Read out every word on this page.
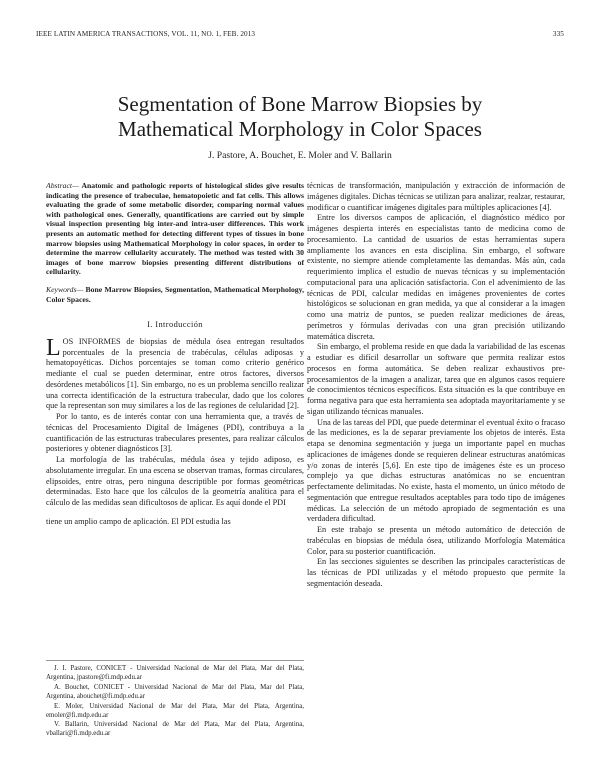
IEEE LATIN AMERICA TRANSACTIONS, VOL. 11, NO. 1, FEB. 2013	335
Segmentation of Bone Marrow Biopsies by Mathematical Morphology in Color Spaces
J. Pastore, A. Bouchet, E. Moler and V. Ballarin
Abstract— Anatomic and pathologic reports of histological slides give results indicating the presence of trabeculae, hematopoietic and fat cells. This allows evaluating the grade of some metabolic disorder, comparing normal values with pathological ones. Generally, quantifications are carried out by simple visual inspection presenting big inter-and intra-user differences. This work presents an automatic method for detecting different types of tissues in bone marrow biopsies using Mathematical Morphology in color spaces, in order to determine the marrow cellularity accurately. The method was tested with 30 images of bone marrow biopsies presenting different distributions of cellularity.
Keywords— Bone Marrow Biopsies, Segmentation, Mathematical Morphology, Color Spaces.
I. Introducción

LOS INFORMES de biopsias de médula ósea entregan resultados porcentuales de la presencia de trabéculas, células adiposas y hematopoyéticas. Dichos porcentajes se toman como criterio genérico mediante el cual se pueden determinar, entre otros factores, diversos desórdenes metabólicos [1]. Sin embargo, no es un problema sencillo realizar una correcta identificación de la estructura trabecular, dado que los colores que la representan son muy similares a los de las regiones de celularidad [2].

Por lo tanto, es de interés contar con una herramienta que, a través de técnicas del Procesamiento Digital de Imágenes (PDI), contribuya a la cuantificación de las estructuras trabeculares presentes, para realizar cálculos posteriores y obtener diagnósticos [3].

La morfología de las trabéculas, médula ósea y tejido adiposo, es absolutamente irregular. En una escena se observan tramas, formas circulares, elipsoides, entre otras, pero ninguna descriptible por formas geométricas determinadas. Esto hace que los cálculos de la geometría analítica para el cálculo de las medidas sean dificultosos de aplicar. Es aquí donde el PDI

tiene un amplio campo de aplicación. El PDI estudia las

técnicas de transformación, manipulación y extracción de información de imágenes digitales. Dichas técnicas se utilizan para analizar, realzar, restaurar, modificar o cuantificar imágenes digitales para múltiples aplicaciones [4].

Entre los diversos campos de aplicación, el diagnóstico médico por imágenes despierta interés en especialistas tanto de medicina como de procesamiento. La cantidad de usuarios de estas herramientas supera ampliamente los avances en esta disciplina. Sin embargo, el software existente, no siempre atiende completamente las demandas. Más aún, cada requerimiento implica el estudio de nuevas técnicas y su implementación computacional para una aplicación satisfactoria. Con el advenimiento de las técnicas de PDI, calcular medidas en imágenes provenientes de cortes histológicos se solucionan en gran medida, ya que al considerar a la imagen como una matriz de puntos, se pueden realizar mediciones de áreas, perímetros y fórmulas derivadas con una gran precisión utilizando matemática discreta.

Sin embargo, el problema reside en que dada la variabilidad de las escenas a estudiar es difícil desarrollar un software que permita realizar estos procesos en forma automática. Se deben realizar exhaustivos pre-procesamientos de la imagen a analizar, tarea que en algunos casos requiere de conocimientos técnicos específicos. Esta situación es la que contribuye en forma negativa para que esta herramienta sea adoptada mayoritariamente y se sigan utilizando técnicas manuales.

Una de las tareas del PDI, que puede determinar el eventual éxito o fracaso de las mediciones, es la de separar previamente los objetos de interés. Esta etapa se denomina segmentación y juega un importante papel en muchas aplicaciones de imágenes donde se requieren delinear estructuras anatómicas y/o zonas de interés [5,6]. En este tipo de imágenes éste es un proceso complejo ya que dichas estructuras anatómicas no se encuentran perfectamente delimitadas. No existe, hasta el momento, un único método de segmentación que entregue resultados aceptables para todo tipo de imágenes médicas. La selección de un método apropiado de segmentación es una verdadera dificultad.

En este trabajo se presenta un método automático de detección de trabéculas en biopsias de médula ósea, utilizando Morfología Matemática Color, para su posterior cuantificación.

En las secciones siguientes se describen las principales características de las técnicas de PDI utilizadas y el método propuesto que permite la segmentación deseada.

J. I. Pastore, CONICET - Universidad Nacional de Mar del Plata, Mar del Plata, Argentina, jpastore@fi.mdp.edu.ar

A. Bouchet, CONICET - Universidad Nacional de Mar del Plata, Mar del Plata, Argentina, abouchet@fi.mdp.edu.ar

E. Moler, Universidad Nacional de Mar del Plata, Mar del Plata, Argentina, emoler@fi.mdp.edu.ar

V. Ballarin, Universidad Nacional de Mar del Plata, Mar del Plata, Argentina, vballari@fi.mdp.edu.ar
